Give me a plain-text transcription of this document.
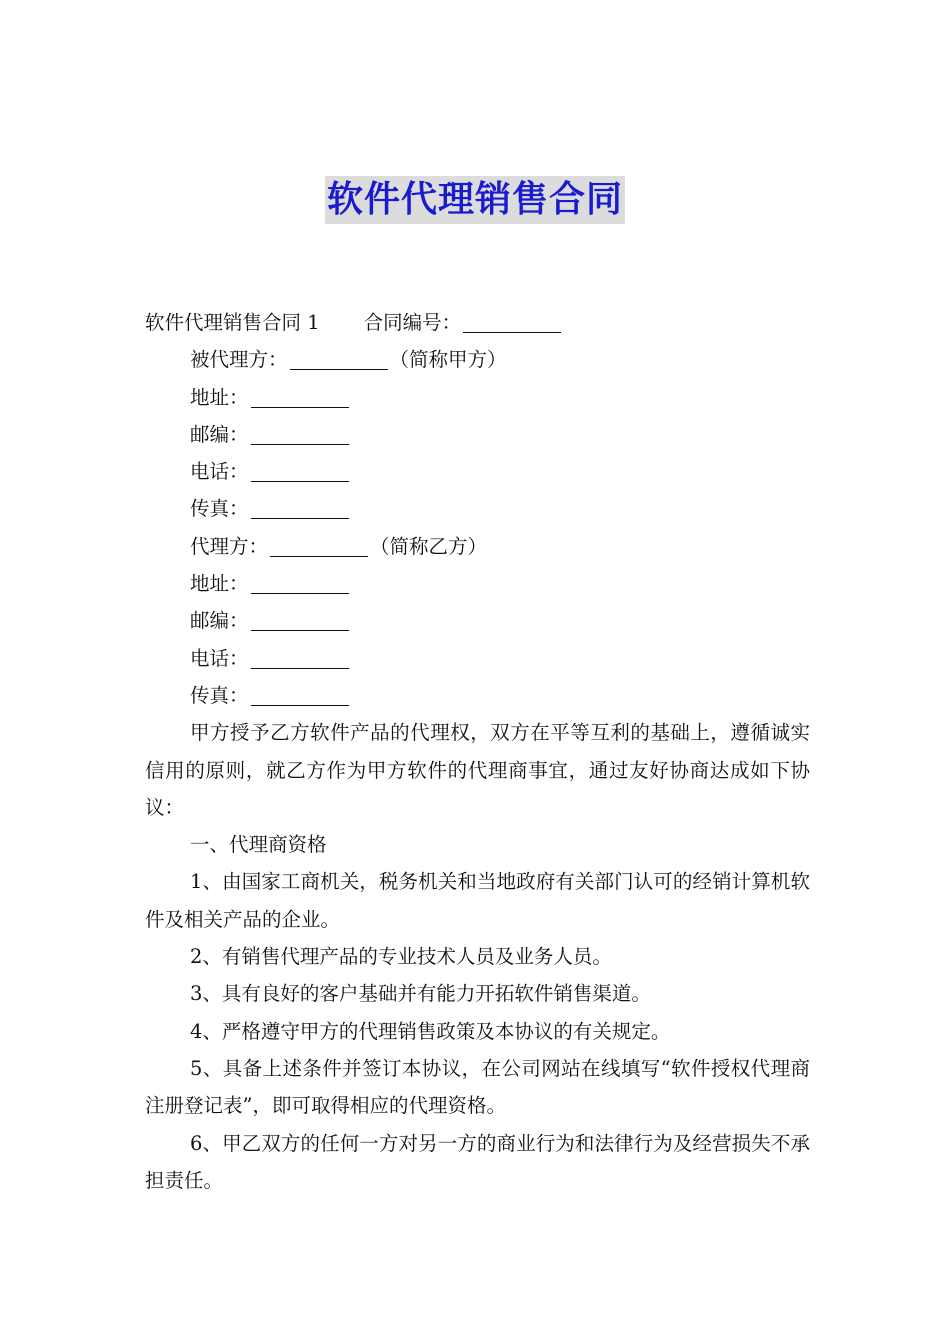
软件代理销售合同
软件代理销售合同 1 合同编号：
被代理方：	（简称甲方）
地址：
邮编：
电话：
传真：
代理方：	（简称乙方）
地址：
邮编：
电话：
传真：
甲方授予乙方软件产品的代理权，双方在平等互利的基础上，遵循诚实信用的原则，就乙方作为甲方软件的代理商事宜，通过友好协商达成如下协议：
一、代理商资格
1、由国家工商机关，税务机关和当地政府有关部门认可的经销计算机软件及相关产品的企业。
2、有销售代理产品的专业技术人员及业务人员。
3、具有良好的客户基础并有能力开拓软件销售渠道。
4、严格遵守甲方的代理销售政策及本协议的有关规定。
5、具备上述条件并签订本协议，在公司网站在线填写“软件授权代理商注册登记表”，即可取得相应的代理资格。
6、甲乙双方的任何一方对另一方的商业行为和法律行为及经营损失不承担责任。
